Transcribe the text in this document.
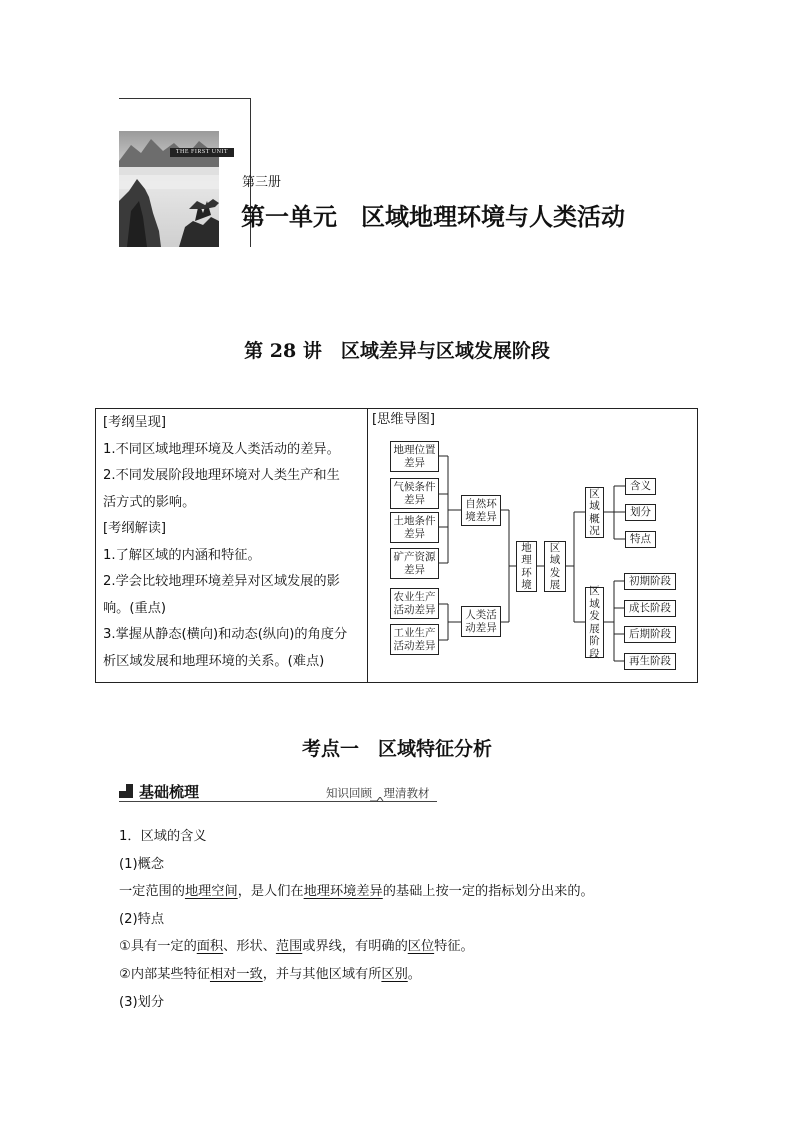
THE FIRST UNIT
第三册
第一单元　区域地理环境与人类活动
第 28 讲　区域差异与区域发展阶段
[考纲呈现]
1.不同区域地理环境及人类活动的差异。
2.不同发展阶段地理环境对人类生产和生
活方式的影响。
[考纲解读]
1.了解区域的内涵和特征。
2.学会比较地理环境差异对区域发展的影
响。(重点)
3.掌握从静态(横向)和动态(纵向)的角度分
析区域发展和地理环境的关系。(难点)
[思维导图]
地理位置差异
气候条件差异
土地条件差异
矿产资源差异
自然环境差异
农业生产活动差异
工业生产活动差异
人类活动差异
地理环境
区域发展
区域概况
含义
划分
特点
区域发展阶段
初期阶段
成长阶段
后期阶段
再生阶段
考点一　区域特征分析
基础梳理	知识回顾　理清教材
1．区域的含义
(1)概念
一定范围的地理空间，是人们在地理环境差异的基础上按一定的指标划分出来的。
(2)特点
①具有一定的面积、形状、范围或界线，有明确的区位特征。
②内部某些特征相对一致，并与其他区域有所区别。
(3)划分
